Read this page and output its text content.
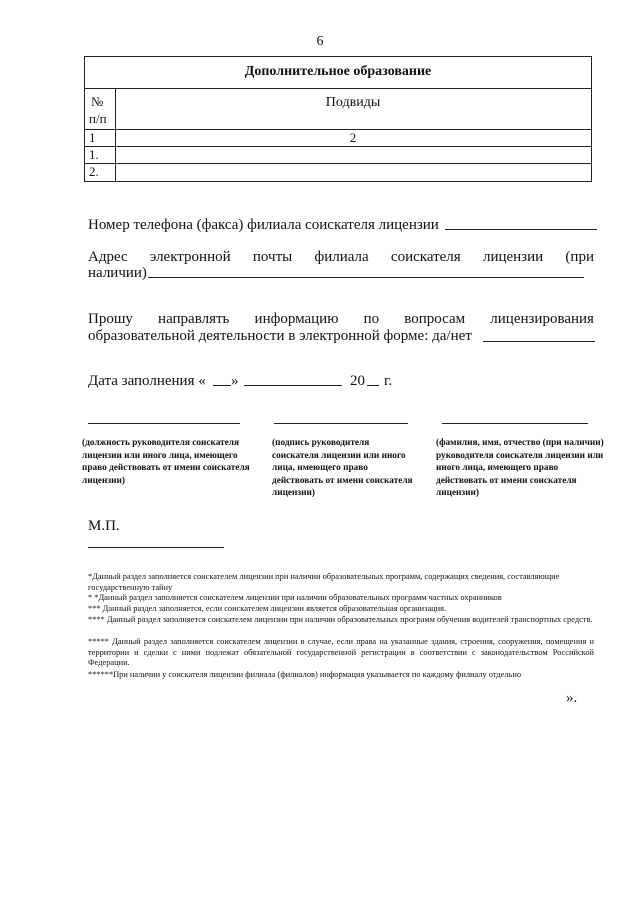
6
Дополнительное образование
№
п/п
Подвиды
1	2
1.
2.
Номер телефона (факса) филиала соискателя лицензии
Адрес электронной почты филиала соискателя лицензии (при
наличии)
Прошу направлять информацию по вопросам лицензирования
образовательной деятельности в электронной форме: да/нет
Дата заполнения « »	20 г.
(должность руководителя соискателя лицензии или иного лица, имеющего право действовать от имени соискателя лицензии)
(подпись руководителя соискателя лицензии или иного лица, имеющего право действовать от имени соискателя лицензии)
(фамилия, имя, отчество (при наличии) руководителя соискателя лицензии или иного лица, имеющего право действовать от имени соискателя лицензии)
М.П.
*Данный раздел заполняется соискателем лицензии при наличии образовательных программ, содержащих сведения, составляющие государственную тайну
* *Данный раздел заполняется соискателем лицензии при наличии образовательных программ частных охранников
*** Данный раздел заполняется, если соискателем лицензии является образовательная организация.
**** Данный раздел заполняется соискателем лицензии при наличии образовательных программ обучения водителей транспортных средств.
***** Данный раздел заполняется соискателем лицензии в случае, если права на указанные здания, строения, сооружения, помещения и территории и сделки с ними подлежат обязательной государственной регистрации в соответствии с законодательством Российской Федерации.
******При наличии у соискателя лицензии филиала (филиалов) информация указывается по каждому филиалу отдельно
».
